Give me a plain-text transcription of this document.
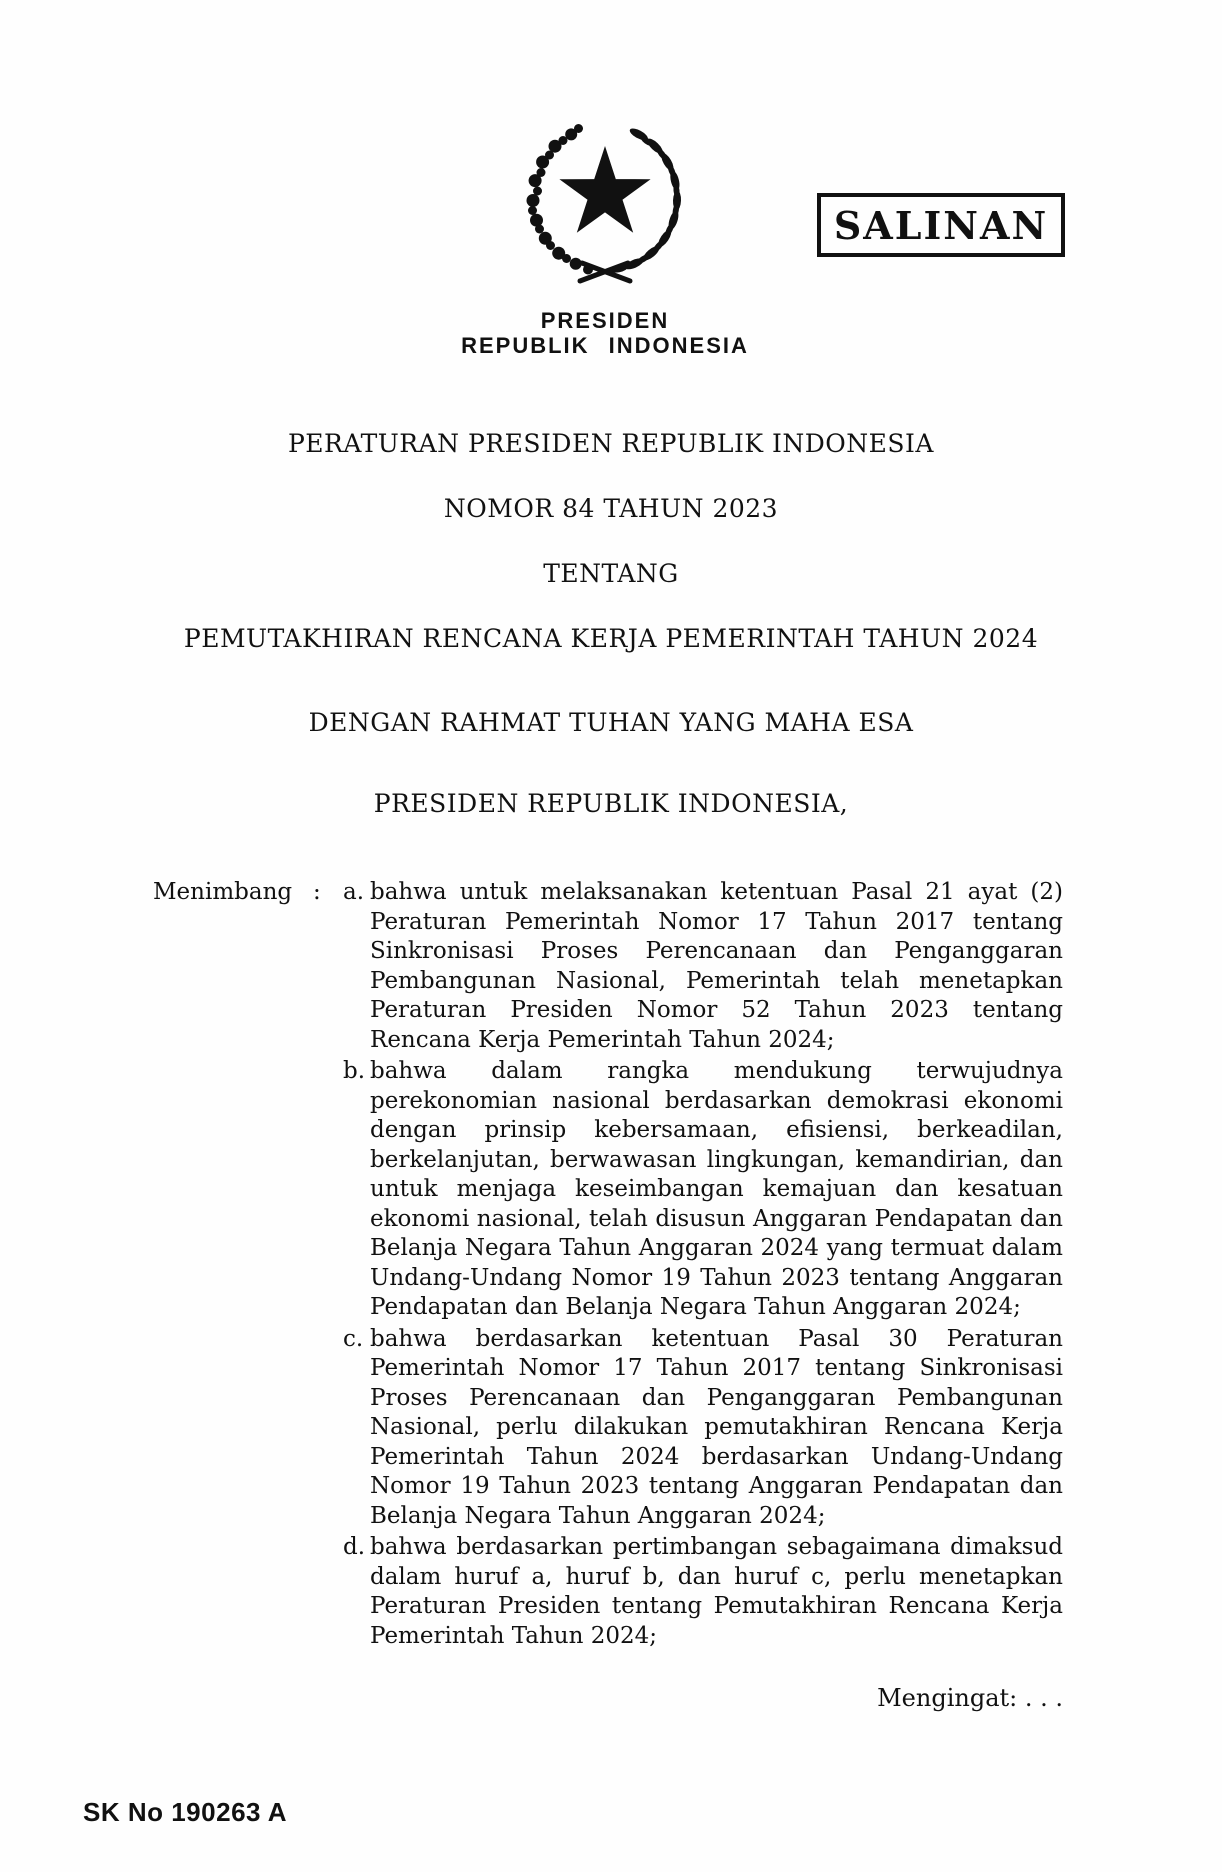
SALINAN
PRESIDEN
REPUBLIK INDONESIA
PERATURAN PRESIDEN REPUBLIK INDONESIA
NOMOR 84 TAHUN 2023
TENTANG
PEMUTAKHIRAN RENCANA KERJA PEMERINTAH TAHUN 2024
DENGAN RAHMAT TUHAN YANG MAHA ESA
PRESIDEN REPUBLIK INDONESIA,
Menimbang : a. bahwa untuk melaksanakan ketentuan Pasal 21 ayat (2) Peraturan Pemerintah Nomor 17 Tahun 2017 tentang Sinkronisasi Proses Perencanaan dan Penganggaran Pembangunan Nasional, Pemerintah telah menetapkan Peraturan Presiden Nomor 52 Tahun 2023 tentang Rencana Kerja Pemerintah Tahun 2024;
b. bahwa dalam rangka mendukung terwujudnya perekonomian nasional berdasarkan demokrasi ekonomi dengan prinsip kebersamaan, efisiensi, berkeadilan, berkelanjutan, berwawasan lingkungan, kemandirian, dan untuk menjaga keseimbangan kemajuan dan kesatuan ekonomi nasional, telah disusun Anggaran Pendapatan dan Belanja Negara Tahun Anggaran 2024 yang termuat dalam Undang-Undang Nomor 19 Tahun 2023 tentang Anggaran Pendapatan dan Belanja Negara Tahun Anggaran 2024;
c. bahwa berdasarkan ketentuan Pasal 30 Peraturan Pemerintah Nomor 17 Tahun 2017 tentang Sinkronisasi Proses Perencanaan dan Penganggaran Pembangunan Nasional, perlu dilakukan pemutakhiran Rencana Kerja Pemerintah Tahun 2024 berdasarkan Undang-Undang Nomor 19 Tahun 2023 tentang Anggaran Pendapatan dan Belanja Negara Tahun Anggaran 2024;
d. bahwa berdasarkan pertimbangan sebagaimana dimaksud dalam huruf a, huruf b, dan huruf c, perlu menetapkan Peraturan Presiden tentang Pemutakhiran Rencana Kerja Pemerintah Tahun 2024;
Mengingat: . . .
SK No 190263 A
